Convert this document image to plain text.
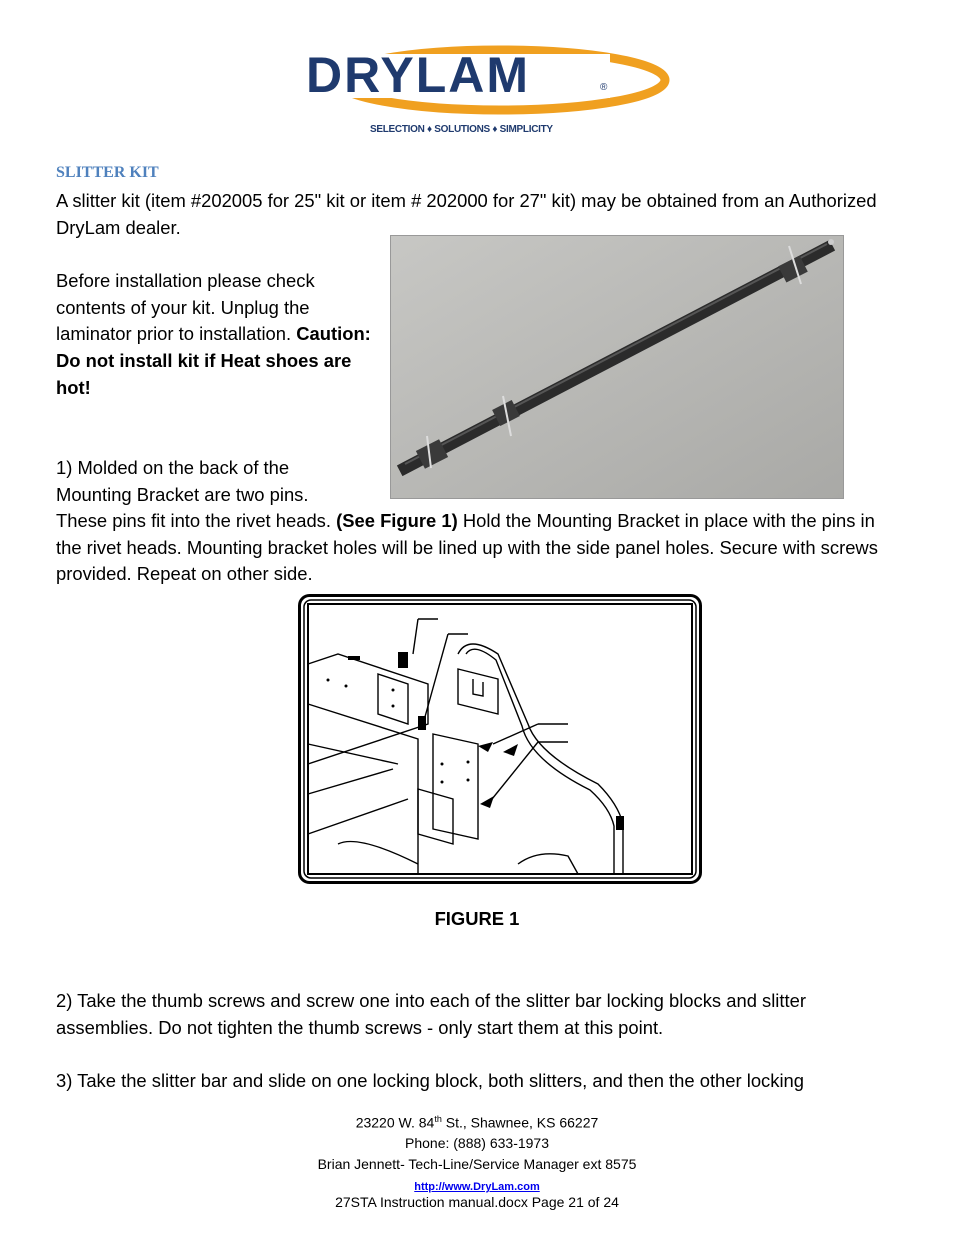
DRYLAM	®
SELECTION ♦ SOLUTIONS ♦ SIMPLICITY
SLITTER KIT
A slitter kit (item #202005 for 25" kit or item # 202000 for 27" kit) may be obtained from an Authorized DryLam dealer.
Before installation please check contents of your kit. Unplug the laminator prior to installation. Caution: Do not install kit if Heat shoes are hot!
1) Molded on the back of the Mounting Bracket are two pins.
These pins fit into the rivet heads. (See Figure 1) Hold the Mounting Bracket in place with the pins in the rivet heads. Mounting bracket holes will be lined up with the side panel holes. Secure with screws provided. Repeat on other side.
FIGURE 1
2) Take the thumb screws and screw one into each of the slitter bar locking blocks and slitter assemblies. Do not tighten the thumb screws - only start them at this point.
3) Take the slitter bar and slide on one locking block, both slitters, and then the other locking
23220 W. 84th St., Shawnee, KS 66227
Phone: (888) 633-1973
Brian Jennett- Tech-Line/Service Manager ext 8575
http://www.DryLam.com
27STA Instruction manual.docx Page 21 of 24
